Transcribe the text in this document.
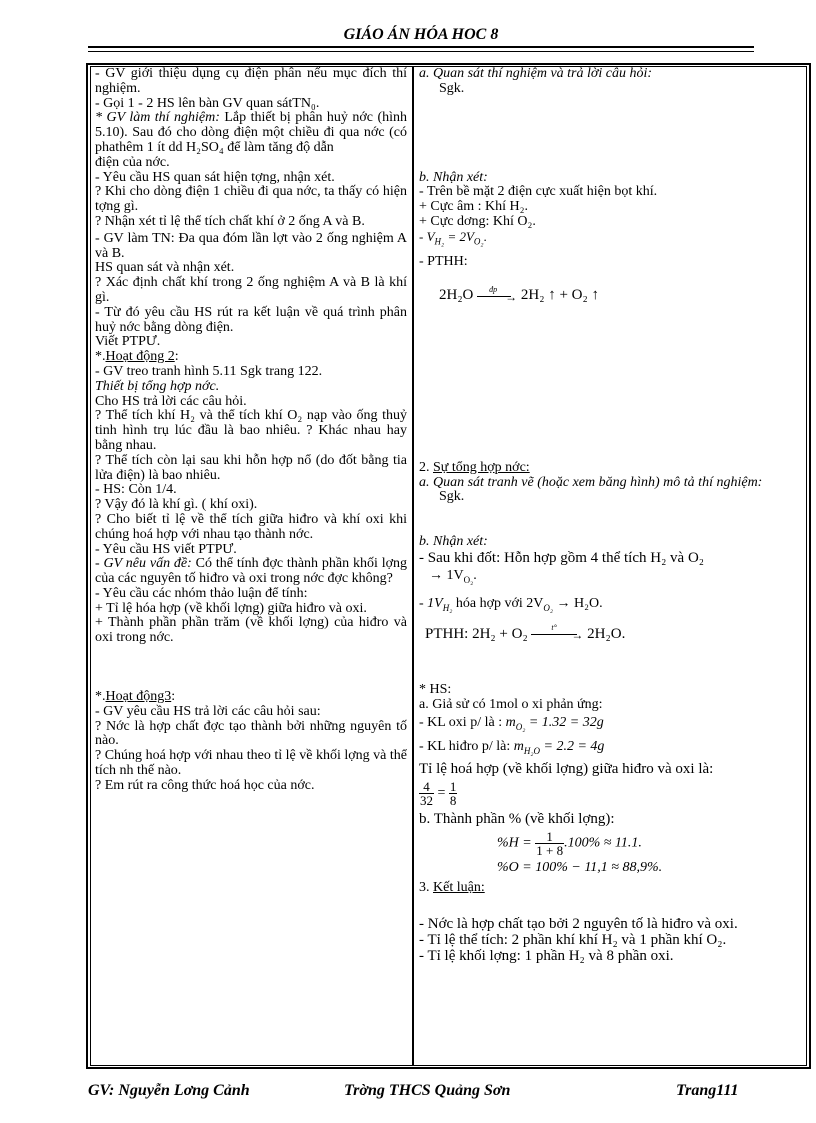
GIÁO ÁN HÓA HOC 8

- GV giới thiệu dụng cụ điện phân nếu mục đích thí nghiệm.

- Gọi 1 - 2 HS lên bàn GV quan sátTN₀.

* GV làm thí nghiệm: Lắp thiết bị phân huỷ nớc (hình 5.10). Sau đó cho dòng điện một chiều đi qua nớc (có phathêm 1 ít dd H₂SO₄ để làm tăng độ dẫn

điện của nớc.

- Yêu cầu HS quan sát hiện tợng, nhận xét.

? Khi cho dòng điện 1 chiều đi qua nớc, ta thấy có hiện tợng gì.

? Nhận xét tỉ lệ thể tích chất khí ở 2 ống A và B.

- GV làm TN: Đa qua đóm lần lợt vào 2 ống nghiệm A và B.

HS quan sát và nhận xét.

? Xác định chất khí trong 2 ống nghiệm A và B là khí gì.

- Từ đó yêu cầu HS rút ra kết luận về quá trình phân huỷ nớc bằng dòng điện.

Viết PTPƯ.

*.Hoạt động 2:

- GV treo tranh hình 5.11 Sgk trang 122.

Thiết bị tổng hợp nớc.

Cho HS trả lời các câu hỏi.

? Thể tích khí H₂ và thể tích khí O₂ nạp vào ống thuỷ tinh hình trụ lúc đầu là bao nhiêu. ? Khác nhau hay bằng nhau.

? Thể tích còn lại sau khi hỗn hợp nổ (do đốt bằng tia lửa điện) là bao nhiêu.

- HS: Còn 1/4.

? Vậy đó là khí gì. ( khí oxi).

? Cho biết tỉ lệ về thể tích giữa hiđro và khí oxi khi chúng hoá hợp với nhau tạo thành nớc.

- Yêu cầu HS viết PTPƯ.

- GV nêu vấn đề: Có thể tính đợc thành phần khối lợng của các nguyên tố hiđro và oxi trong nớc đợc không?

- Yêu cầu các nhóm thảo luận để tính:

+ Tỉ lệ hóa hợp (về khối lợng) giữa hiđro và oxi.

+ Thành phần phần trăm (về khối lợng) của hiđro và oxi trong nớc.

*.Hoạt động3:

- GV yêu cầu HS trả lời các câu hỏi sau:

? Nớc là hợp chất đợc tạo thành bởi những nguyên tố nào.

? Chúng hoá hợp với nhau theo tỉ lệ về khối lợng và thể tích nh thế nào.

? Em rút ra công thức hoá học của nớc.

a. Quan sát thí nghiệm và trả lời câu hỏi:

Sgk.

b. Nhận xét:

- Trên bề mặt 2 điện cực xuất hiện bọt khí.

+ Cực âm : Khí H₂.

+ Cực dơng: Khí O₂.

- $V_{H_2} = 2V_{O_2}$.

- PTHH:

2H₂O	→
đp 2H₂ ↑ + O₂ ↑

2. Sự tổng hợp nớc:

a. Quan sát tranh vẽ (hoặc xem băng hình) mô tả thí nghiệm:

Sgk.

b. Nhận xét:

- Sau khi đốt: Hỗn hợp gồm 4 thể tích H₂ và O₂

→ $1V_{O_2}$.

- $1V_{H_2}$ hóa hợp với $2V_{O_2} \to H_2O$.

PTHH: 2H₂ + O₂	→
t° 2H₂O.

* HS:

a. Giả sử có 1mol o xi phản ứng:

- KL oxi p/ là : $m_{O_2} = 1.32 = 32g$

- KL hiđro p/ là: $m_{H_2O} = 2.2 = 4g$

Tỉ lệ hoá hợp (về khối lợng) giữa hiđro và oxi là:

$\frac{4}{32} = \frac{1}{8}$

b. Thành phần % (về khối lợng):

$\%H = \frac{1}{1 + 8} .100\% \approx 11.1$.

%O = 100% − 11,1 ≈ 88,9%.

3. Kết luận:

- Nớc là hợp chất tạo bởi 2 nguyên tố là hiđro và oxi.

- Tỉ lệ thể tích: 2 phần khí khí H₂ và 1 phần khí O₂.

- Tỉ lệ khối lợng: 1 phần H₂ và 8 phần oxi.

GV: Nguyễn Lơng Cảnh	Trờng THCS Quảng Sơn	Trang111
